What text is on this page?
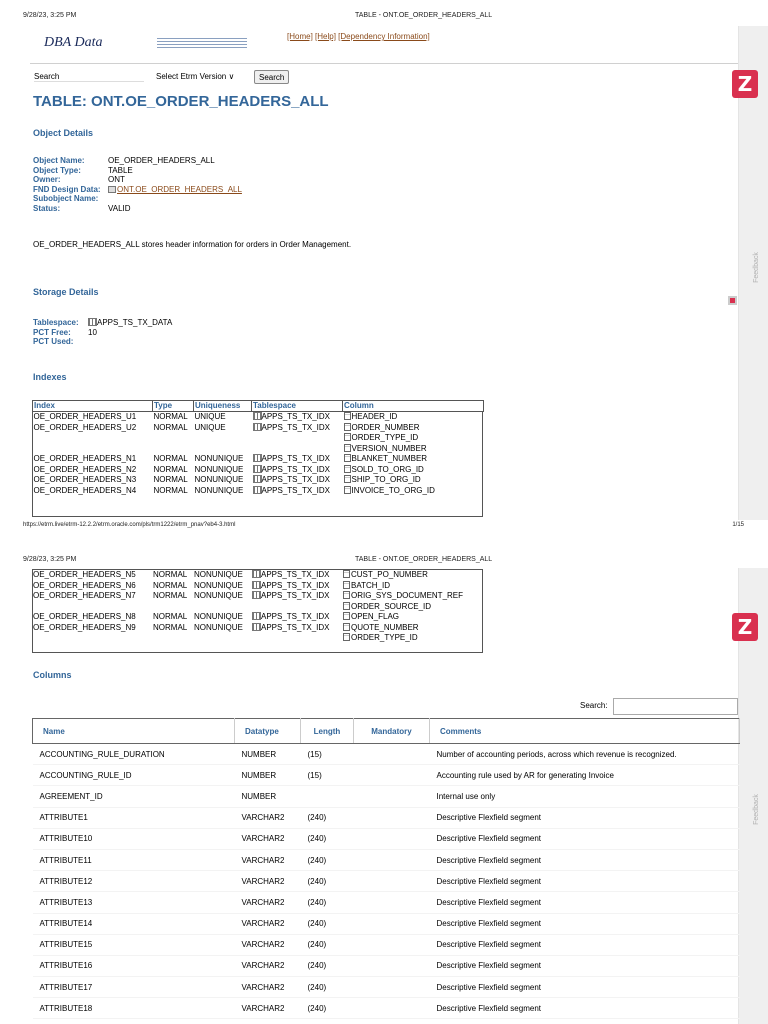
9/28/23, 3:25 PM	TABLE - ONT.OE_ORDER_HEADERS_ALL
Z
Feedback
DBA Data	[Home] [Help] [Dependency Information]
Search	Select Etrm Version ∨	Search
TABLE: ONT.OE_ORDER_HEADERS_ALL
Object Details
Object Name:	OE_ORDER_HEADERS_ALL
Object Type:	TABLE
Owner:	ONT
FND Design Data:	ONT.OE_ORDER_HEADERS_ALL
Subobject Name:
Status:	VALID
OE_ORDER_HEADERS_ALL stores header information for orders in Order Management.
Storage Details
Tablespace:	APPS_TS_TX_DATA
PCT Free:	10
PCT Used:
Indexes
Index	Type	Uniqueness	Tablespace	Column
OE_ORDER_HEADERS_U1	NORMAL	UNIQUE	APPS_TS_TX_IDX	HEADER_ID

OE_ORDER_HEADERS_U2	NORMAL	UNIQUE	APPS_TS_TX_IDX	ORDER_NUMBER
ORDER_TYPE_ID
VERSION_NUMBER

OE_ORDER_HEADERS_N1	NORMAL	NONUNIQUE	APPS_TS_TX_IDX	BLANKET_NUMBER

OE_ORDER_HEADERS_N2	NORMAL	NONUNIQUE	APPS_TS_TX_IDX	SOLD_TO_ORG_ID

OE_ORDER_HEADERS_N3	NORMAL	NONUNIQUE	APPS_TS_TX_IDX	SHIP_TO_ORG_ID

OE_ORDER_HEADERS_N4	NORMAL	NONUNIQUE	APPS_TS_TX_IDX	INVOICE_TO_ORG_ID
https://etrm.live/etrm-12.2.2/etrm.oracle.com/pls/trm1222/etrm_pnav?eb4-3.html	1/15
9/28/23, 3:25 PM	TABLE - ONT.OE_ORDER_HEADERS_ALL
Z
Feedback
OE_ORDER_HEADERS_N5	NORMAL	NONUNIQUE	APPS_TS_TX_IDX	CUST_PO_NUMBER

OE_ORDER_HEADERS_N6	NORMAL	NONUNIQUE	APPS_TS_TX_IDX	BATCH_ID

OE_ORDER_HEADERS_N7	NORMAL	NONUNIQUE	APPS_TS_TX_IDX	ORIG_SYS_DOCUMENT_REF
ORDER_SOURCE_ID

OE_ORDER_HEADERS_N8	NORMAL	NONUNIQUE	APPS_TS_TX_IDX	OPEN_FLAG

OE_ORDER_HEADERS_N9	NORMAL	NONUNIQUE	APPS_TS_TX_IDX	QUOTE_NUMBER
ORDER_TYPE_ID
Columns
Search:
Name	Datatype	Length	Mandatory	Comments
ACCOUNTING_RULE_DURATION	NUMBER	(15)		Number of accounting periods, across which revenue is recognized.
ACCOUNTING_RULE_ID	NUMBER	(15)		Accounting rule used by AR for generating Invoice
AGREEMENT_ID	NUMBER			Internal use only
ATTRIBUTE1	VARCHAR2	(240)		Descriptive Flexfield segment
ATTRIBUTE10	VARCHAR2	(240)		Descriptive Flexfield segment
ATTRIBUTE11	VARCHAR2	(240)		Descriptive Flexfield segment
ATTRIBUTE12	VARCHAR2	(240)		Descriptive Flexfield segment
ATTRIBUTE13	VARCHAR2	(240)		Descriptive Flexfield segment
ATTRIBUTE14	VARCHAR2	(240)		Descriptive Flexfield segment
ATTRIBUTE15	VARCHAR2	(240)		Descriptive Flexfield segment
ATTRIBUTE16	VARCHAR2	(240)		Descriptive Flexfield segment
ATTRIBUTE17	VARCHAR2	(240)		Descriptive Flexfield segment
ATTRIBUTE18	VARCHAR2	(240)		Descriptive Flexfield segment
